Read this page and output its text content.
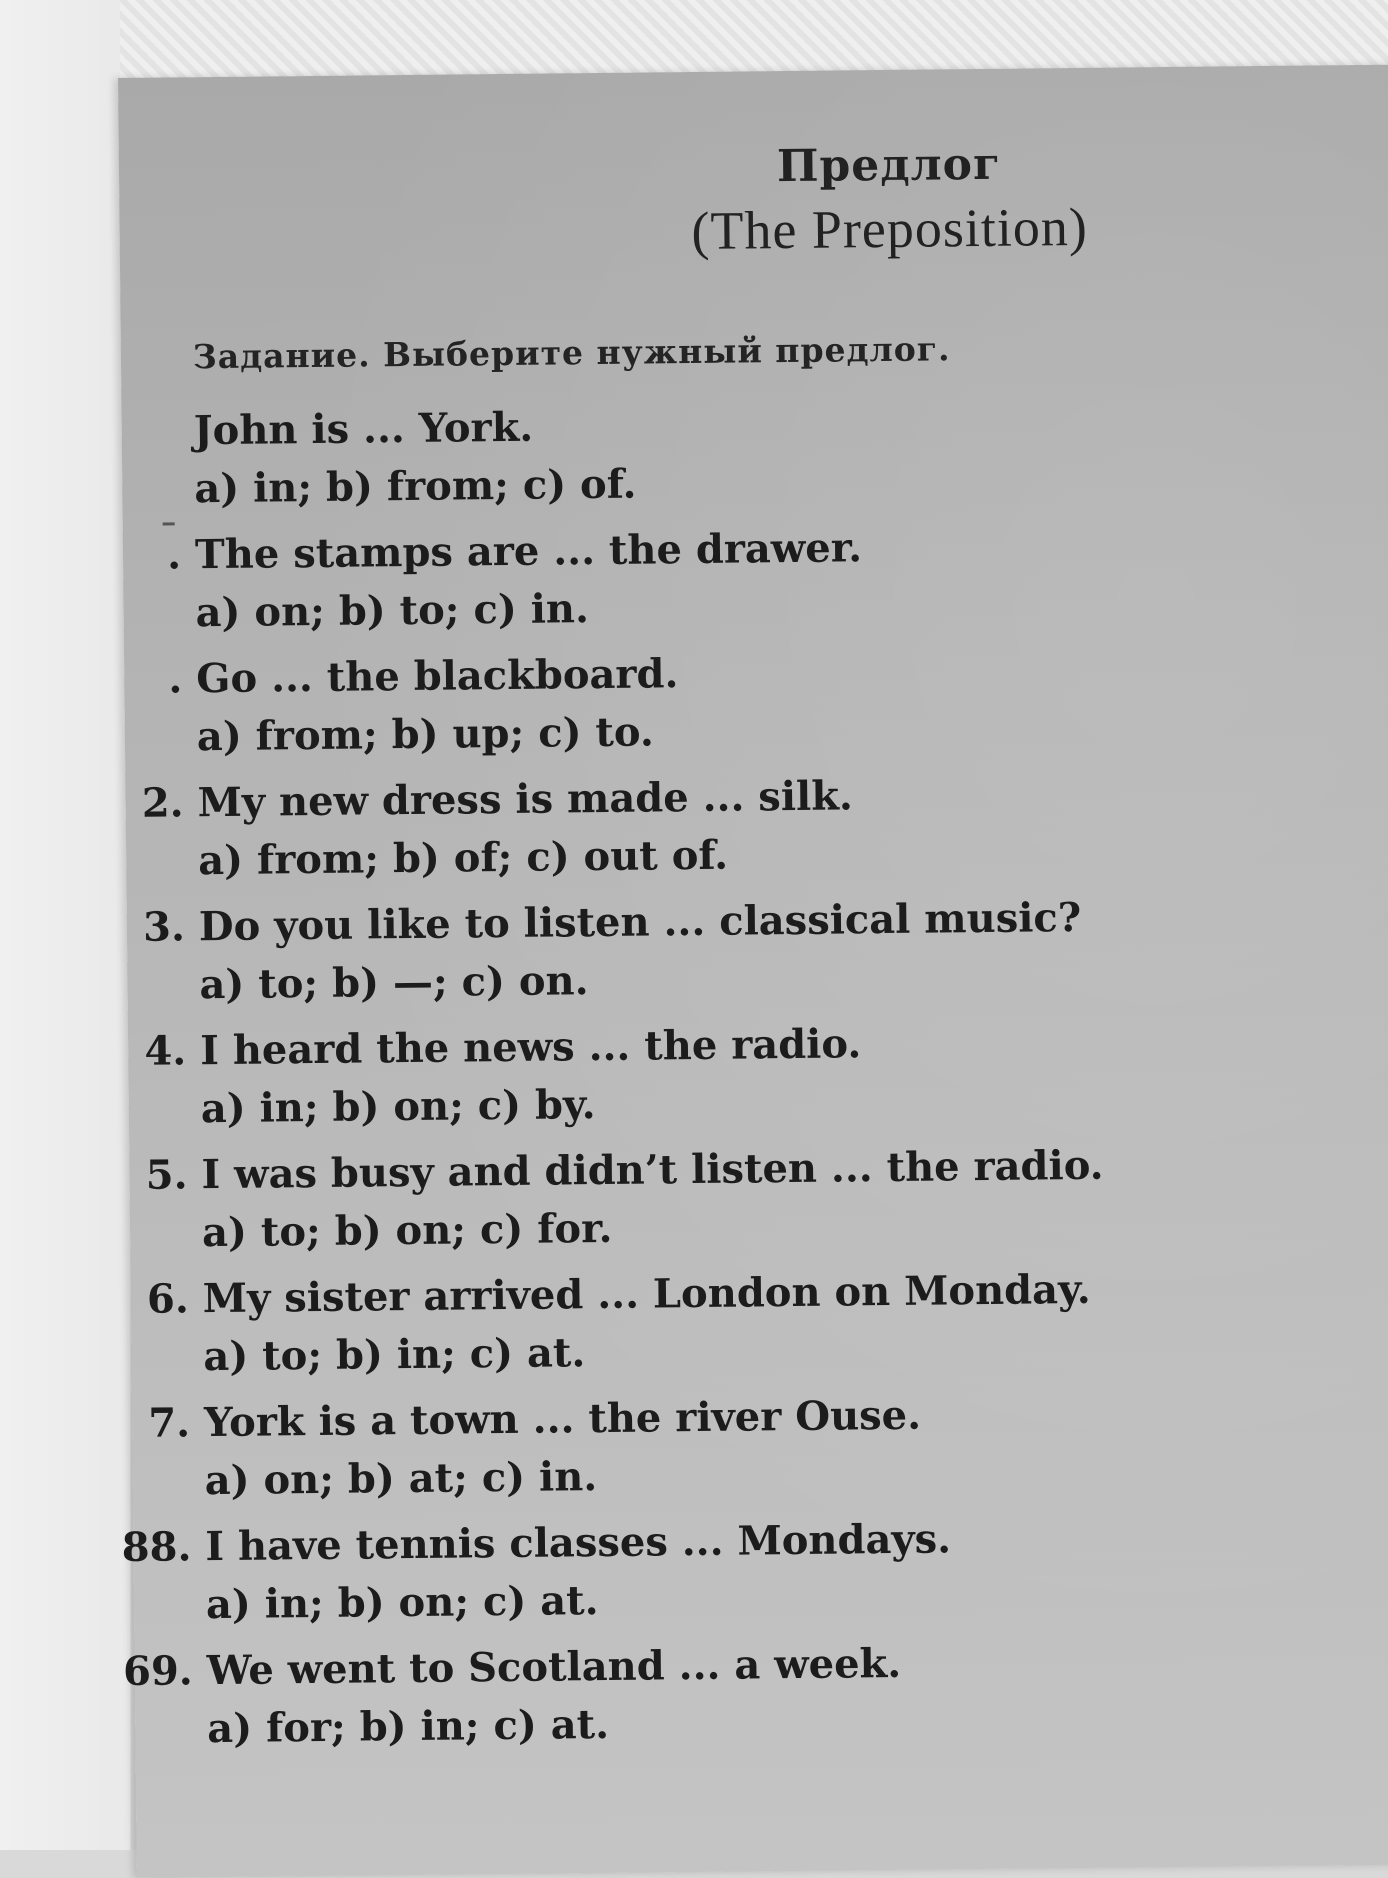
Предлог
(The Preposition)
Задание. Выберите нужный предлог.
John is ... York.
a) in; b) from; c) of.
. The stamps are ... the drawer.
a) on; b) to; c) in.
. Go ... the blackboard.
a) from; b) up; c) to.
2. My new dress is made ... silk.
a) from; b) of; c) out of.
3. Do you like to listen ... classical music?
a) to; b) —; c) on.
4. I heard the news ... the radio.
a) in; b) on; c) by.
5. I was busy and didn’t listen ... the radio.
a) to; b) on; c) for.
6. My sister arrived ... London on Monday.
a) to; b) in; c) at.
7. York is a town ... the river Ouse.
a) on; b) at; c) in.
88. I have tennis classes ... Mondays.
a) in; b) on; c) at.
69. We went to Scotland ... a week.
a) for; b) in; c) at.
